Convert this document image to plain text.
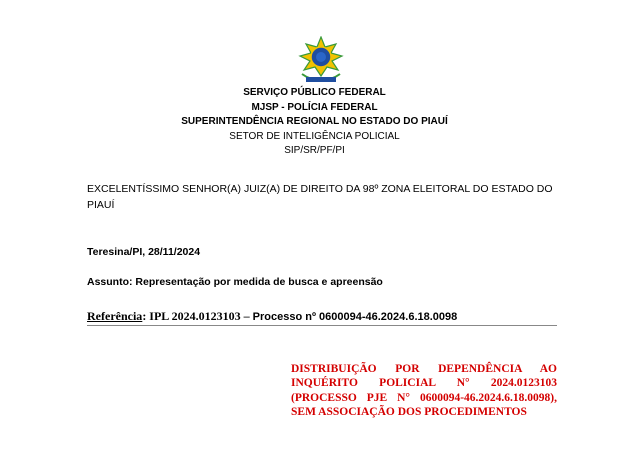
SERVIÇO PÚBLICO FEDERAL
MJSP - POLÍCIA FEDERAL
SUPERINTENDÊNCIA REGIONAL NO ESTADO DO PIAUÍ
SETOR DE INTELIGÊNCIA POLICIAL
SIP/SR/PF/PI
EXCELENTÍSSIMO SENHOR(A) JUIZ(A) DE DIREITO DA 98º ZONA ELEITORAL DO ESTADO DO PIAUÍ
Teresina/PI, 28/11/2024
Assunto: Representação por medida de busca e apreensão
Referência: IPL 2024.0123103 – Processo nº 0600094-46.2024.6.18.0098
DISTRIBUIÇÃO POR DEPENDÊNCIA AO INQUÉRITO POLICIAL N° 2024.0123103 (PROCESSO PJE N° 0600094-46.2024.6.18.0098), SEM ASSOCIAÇÃO DOS PROCEDIMENTOS
